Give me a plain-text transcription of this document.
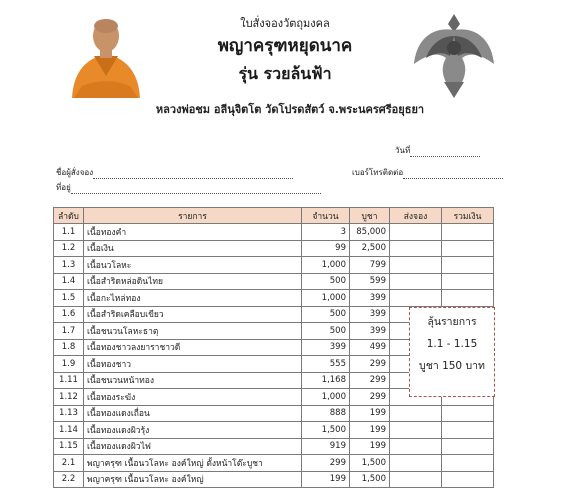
ใบสั่งจองวัตถุมงคล
พญาครุฑหยุดนาค
รุ่น รวยล้นฟ้า
หลวงพ่อชม อลีนุจิตโต วัดโปรดสัตว์ จ.พระนครศรีอยุธยา
วันที่
ชื่อผู้สั่งจอง	เบอร์โทรติดต่อ
ที่อยู่
ลำดับ	รายการ	จำนวน	บูชา	ส่งจอง	รวมเงิน
1.1	เนื้อทองคำ	3	85,000		
1.2	เนื้อเงิน	99	2,500		
1.3	เนื้อนวโลหะ	1,000	799		
1.4	เนื้อสำริดหล่อดินไทย	500	599		
1.5	เนื้อกะไหล่ทอง	1,000	399		
1.6	เนื้อสำริดเคลือบเขียว	500	399		
1.7	เนื้อชนวนโลหะธาตุ	500	399		
1.8	เนื้อทองชาวลงยาราชาวดี	399	499		
1.9	เนื้อทองชาว	555	299		
1.11	เนื้อชนวนหน้าทอง	1,168	299		
1.12	เนื้อทองระฆัง	1,000	299		
1.13	เนื้อทองแดงเถื่อน	888	199		
1.14	เนื้อทองแดงผิวรุ้ง	1,500	199		
1.15	เนื้อทองแดงผิวไฟ	919	199		
2.1	พญาครุฑ เนื้อนวโลหะ องค์ใหญ่ ตั้งหน้าโต๊ะบูชา	299	1,500		
2.2	พญาครุฑ เนื้อนวโลหะ องค์ใหญ่	199	1,500		
ลุ้นรายการ
1.1 - 1.15
บูชา 150 บาท
